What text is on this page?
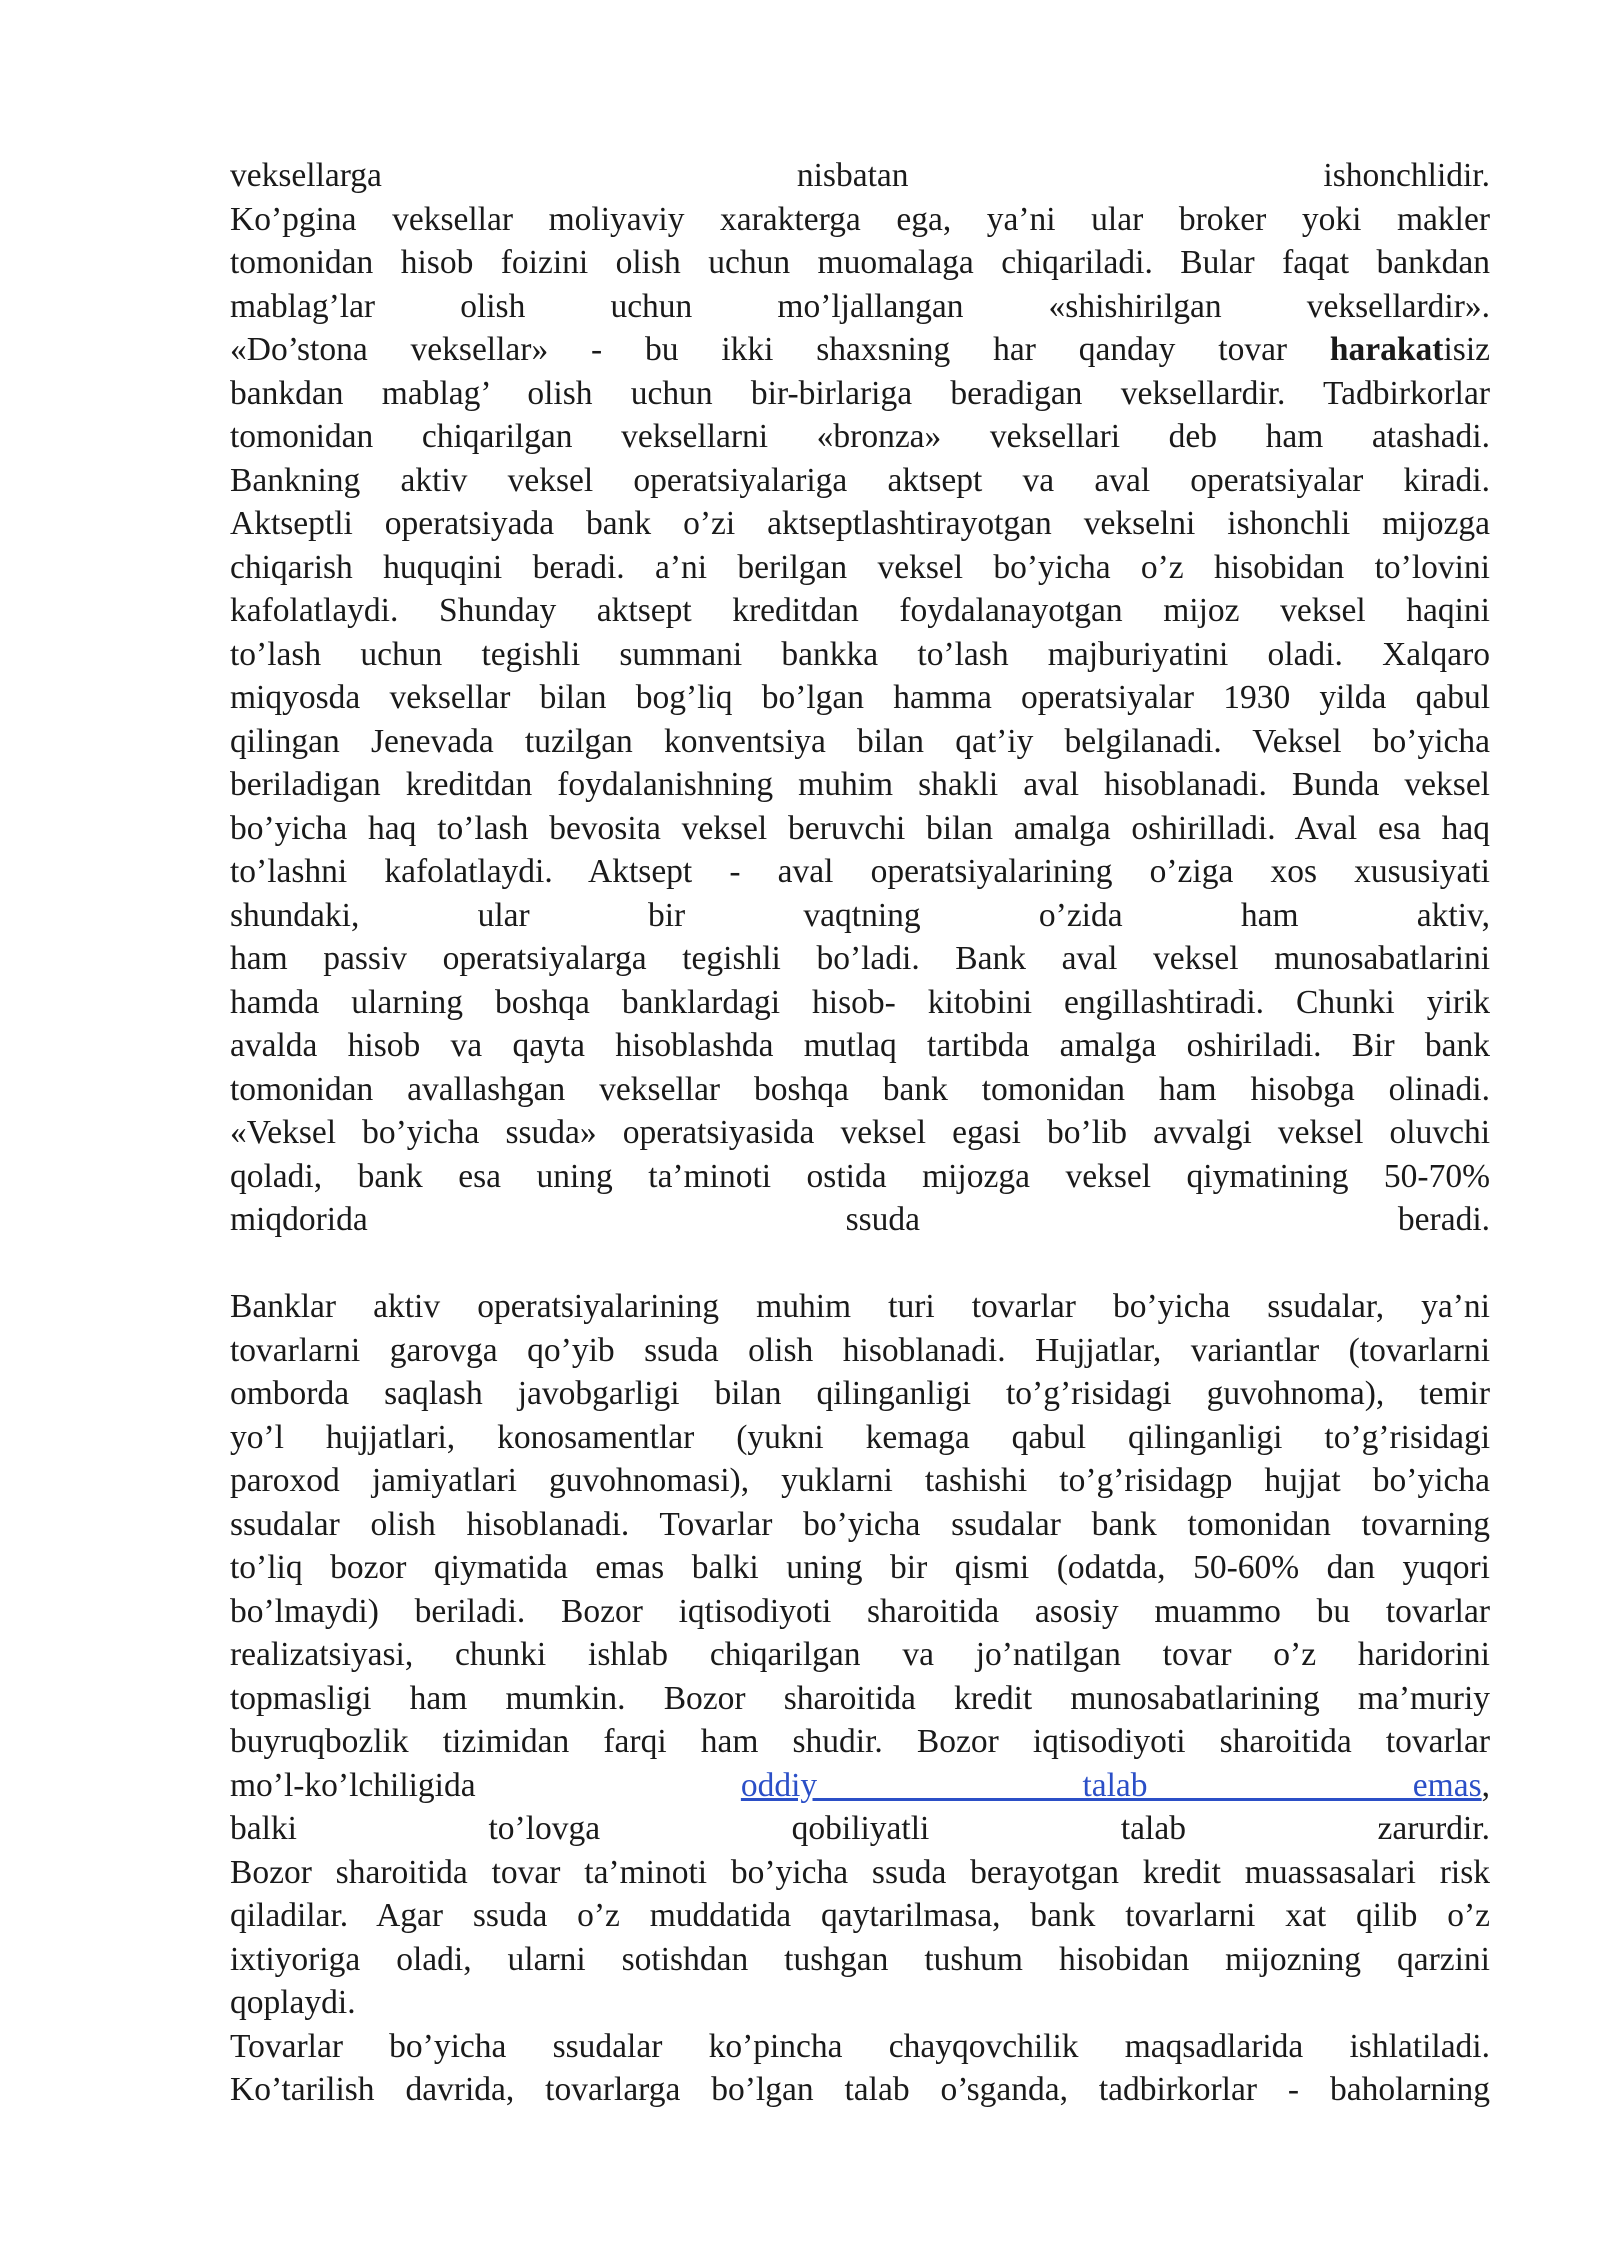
veksellarga nisbatan ishonchlidir.

Ko’pgina veksellar moliyaviy xarakterga ega, ya’ni ular broker yoki makler

tomonidan hisob foizini olish uchun muomalaga chiqariladi. Bular faqat bankdan

mablag’lar olish uchun mo’ljallangan «shishirilgan veksellardir».

«Do’stona veksellar» - bu ikki shaxsning har qanday tovar harakatisiz

bankdan mablag’ olish uchun bir-birlariga beradigan veksellardir. Tadbirkorlar

tomonidan chiqarilgan veksellarni «bronza» veksellari deb ham atashadi.

Bankning aktiv veksel operatsiyalariga aktsept va aval operatsiyalar kiradi.

Aktseptli operatsiyada bank o’zi aktseptlashtirayotgan vekselni ishonchli mijozga

chiqarish huquqini beradi. a’ni berilgan veksel bo’yicha o’z hisobidan to’lovini

kafolatlaydi. Shunday aktsept kreditdan foydalanayotgan mijoz veksel haqini

to’lash uchun tegishli summani bankka to’lash majburiyatini oladi. Xalqaro

miqyosda veksellar bilan bog’liq bo’lgan hamma operatsiyalar 1930 yilda qabul

qilingan Jenevada tuzilgan konventsiya bilan qat’iy belgilanadi. Veksel bo’yicha

beriladigan kreditdan foydalanishning muhim shakli aval hisoblanadi. Bunda veksel

bo’yicha haq to’lash bevosita veksel beruvchi bilan amalga oshirilladi. Aval esa haq

to’lashni kafolatlaydi. Aktsept - aval operatsiyalarining o’ziga xos xususiyati

shundaki, ular bir vaqtning o’zida ham aktiv,

ham passiv operatsiyalarga tegishli bo’ladi. Bank aval veksel munosabatlarini

hamda ularning boshqa banklardagi hisob- kitobini engillashtiradi. Chunki yirik

avalda hisob va qayta hisoblashda mutlaq tartibda amalga oshiriladi. Bir bank

tomonidan avallashgan veksellar boshqa bank tomonidan ham hisobga olinadi.

«Veksel bo’yicha ssuda» operatsiyasida veksel egasi bo’lib avvalgi veksel oluvchi

qoladi, bank esa uning ta’minoti ostida mijozga veksel qiymatining 50-70%

miqdorida ssuda beradi.

Banklar aktiv operatsiyalarining muhim turi tovarlar bo’yicha ssudalar, ya’ni

tovarlarni garovga qo’yib ssuda olish hisoblanadi. Hujjatlar, variantlar (tovarlarni

omborda saqlash javobgarligi bilan qilinganligi to’g’risidagi guvohnoma), temir

yo’l hujjatlari, konosamentlar (yukni kemaga qabul qilinganligi to’g’risidagi

paroxod jamiyatlari guvohnomasi), yuklarni tashishi to’g’risidagp hujjat bo’yicha

ssudalar olish hisoblanadi. Tovarlar bo’yicha ssudalar bank tomonidan tovarning

to’liq bozor qiymatida emas balki uning bir qismi (odatda, 50-60% dan yuqori

bo’lmaydi) beriladi. Bozor iqtisodiyoti sharoitida asosiy muammo bu tovarlar

realizatsiyasi, chunki ishlab chiqarilgan va jo’natilgan tovar o’z haridorini

topmasligi ham mumkin. Bozor sharoitida kredit munosabatlarining ma’muriy

buyruqbozlik tizimidan farqi ham shudir. Bozor iqtisodiyoti sharoitida tovarlar

mo’l-ko’lchiligida oddiy talab emas,

balki to’lovga qobiliyatli talab zarurdir.

Bozor sharoitida tovar ta’minoti bo’yicha ssuda berayotgan kredit muassasalari risk

qiladilar. Agar ssuda o’z muddatida qaytarilmasa, bank tovarlarni xat qilib o’z

ixtiyoriga oladi, ularni sotishdan tushgan tushum hisobidan mijozning qarzini

qoplaydi.

Tovarlar bo’yicha ssudalar ko’pincha chayqovchilik maqsadlarida ishlatiladi.

Ko’tarilish davrida, tovarlarga bo’lgan talab o’sganda, tadbirkorlar - baholarning
